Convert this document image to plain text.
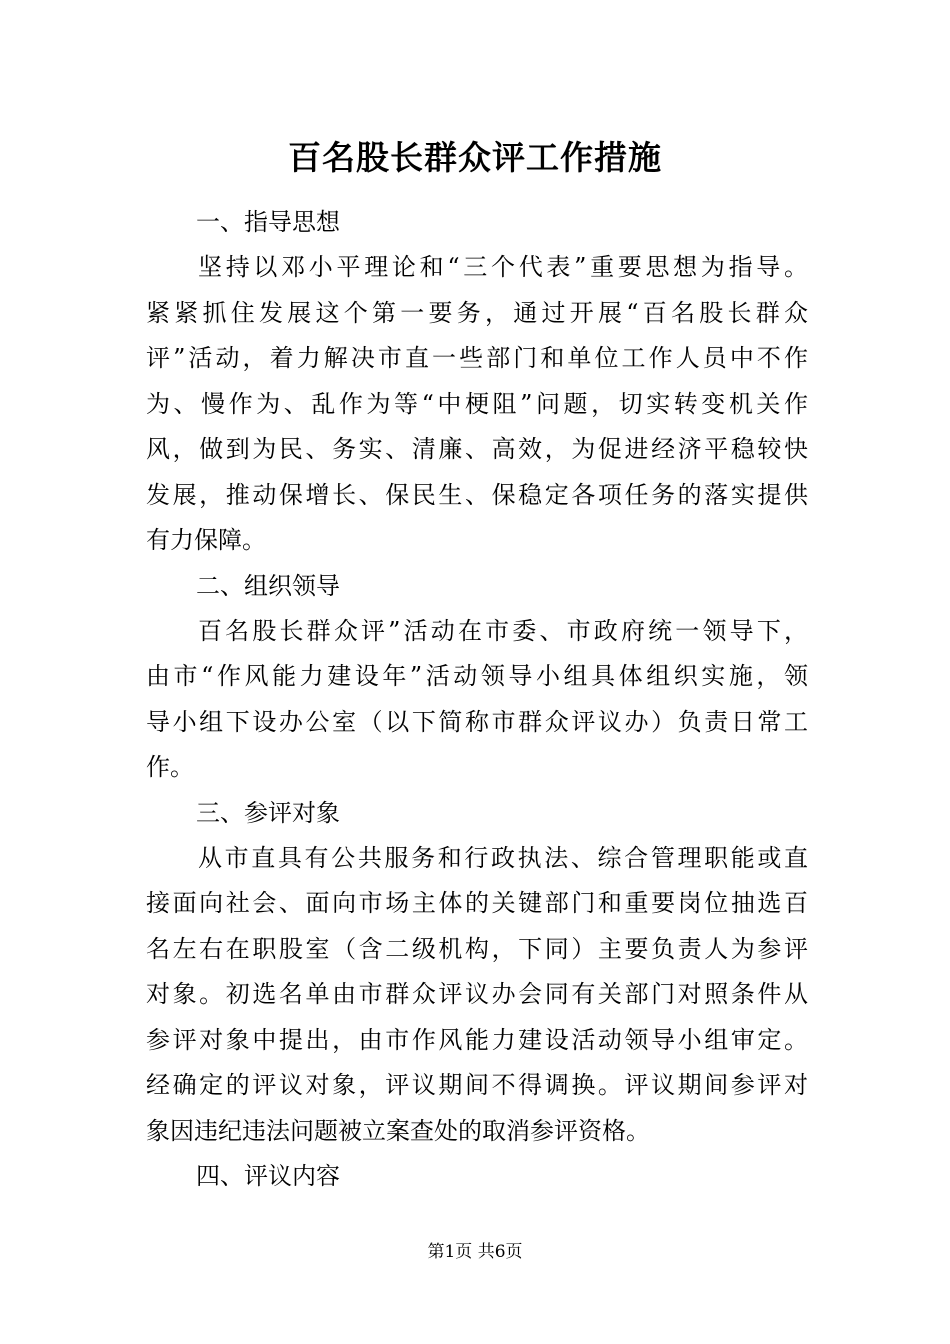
百名股长群众评工作措施
一、指导思想
坚持以邓小平理论和“三个代表”重要思想为指导。
紧紧抓住发展这个第一要务，通过开展“百名股长群众
评”活动，着力解决市直一些部门和单位工作人员中不作
为、慢作为、乱作为等“中梗阻”问题，切实转变机关作
风，做到为民、务实、清廉、高效，为促进经济平稳较快
发展，推动保增长、保民生、保稳定各项任务的落实提供
有力保障。
二、组织领导
百名股长群众评”活动在市委、市政府统一领导下，
由市“作风能力建设年”活动领导小组具体组织实施，领
导小组下设办公室（以下简称市群众评议办）负责日常工
作。
三、参评对象
从市直具有公共服务和行政执法、综合管理职能或直
接面向社会、面向市场主体的关键部门和重要岗位抽选百
名左右在职股室（含二级机构，下同）主要负责人为参评
对象。初选名单由市群众评议办会同有关部门对照条件从
参评对象中提出，由市作风能力建设活动领导小组审定。
经确定的评议对象，评议期间不得调换。评议期间参评对
象因违纪违法问题被立案查处的取消参评资格。
四、评议内容
第1页 共6页
